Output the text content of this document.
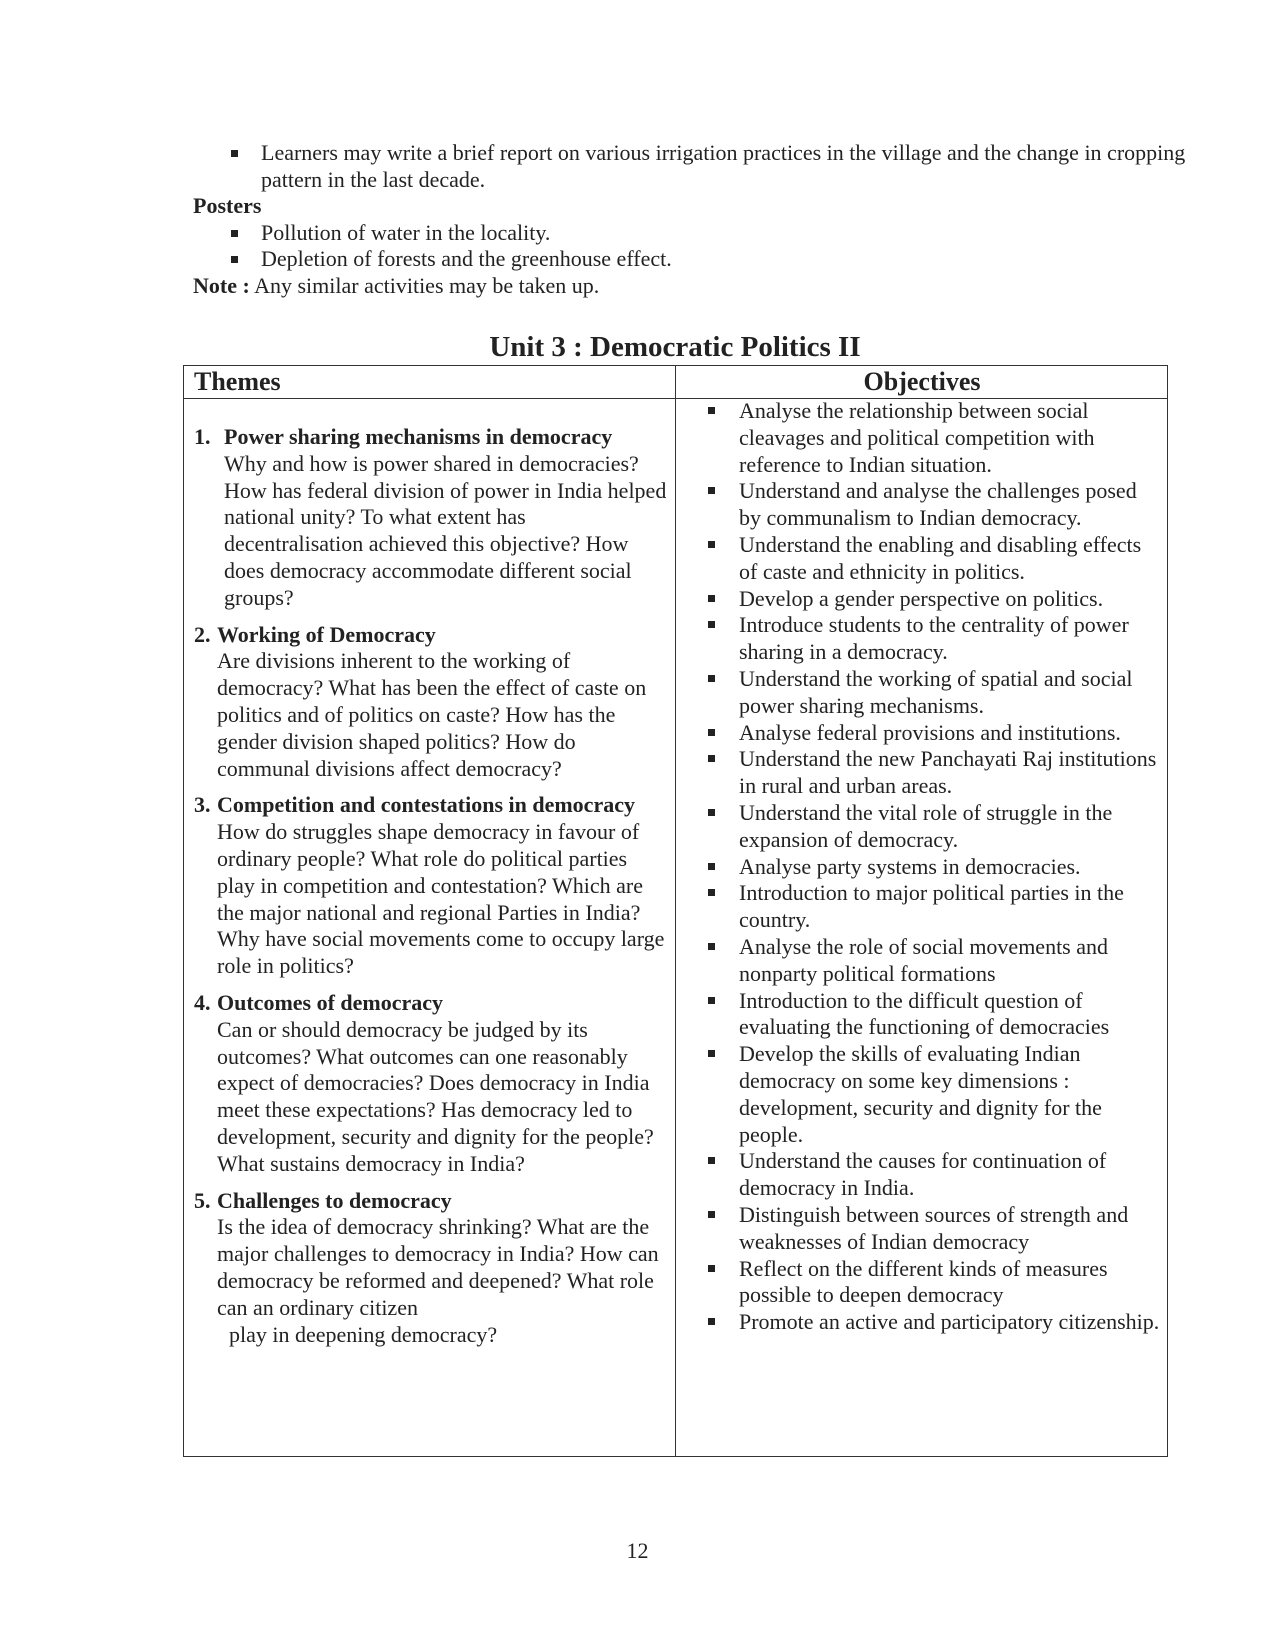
Learners may write a brief report on various irrigation practices in the village and the change in cropping pattern in the last decade.
Posters
Pollution of water in the locality.
Depletion of forests and the greenhouse effect.
Note : Any similar activities may be taken up.
Unit 3 : Democratic Politics II
Themes	Objectives
1. Power sharing mechanisms in democracy
Why and how is power shared in democracies? How has federal division of power in India helped national unity? To what extent has decentralisation achieved this objective? How does democracy accommodate different social groups?
2. Working of Democracy
Are divisions inherent to the working of democracy? What has been the effect of caste on politics and of politics on caste? How has the gender division shaped politics? How do communal divisions affect democracy?
3. Competition and contestations in democracy
How do struggles shape democracy in favour of ordinary people? What role do political parties play in competition and contestation? Which are the major national and regional Parties in India? Why have social movements come to occupy large role in politics?
4. Outcomes of democracy
Can or should democracy be judged by its outcomes? What outcomes can one reasonably expect of democracies? Does democracy in India meet these expectations? Has democracy led to development, security and dignity for the people? What sustains democracy in India?
5. Challenges to democracy
Is the idea of democracy shrinking? What are the major challenges to democracy in India? How can democracy be reformed and deepened? What role can an ordinary citizen
play in deepening democracy?
Analyse the relationship between social cleavages and political competition with reference to Indian situation.
Understand and analyse the challenges posed by communalism to Indian democracy.
Understand the enabling and disabling effects of caste and ethnicity in politics.
Develop a gender perspective on politics.
Introduce students to the centrality of power sharing in a democracy.
Understand the working of spatial and social power sharing mechanisms.
Analyse federal provisions and institutions.
Understand the new Panchayati Raj institutions in rural and urban areas.
Understand the vital role of struggle in the expansion of democracy.
Analyse party systems in democracies.
Introduction to major political parties in the country.
Analyse the role of social movements and nonparty political formations
Introduction to the difficult question of evaluating the functioning of democracies
Develop the skills of evaluating Indian democracy on some key dimensions : development, security and dignity for the people.
Understand the causes for continuation of democracy in India.
Distinguish between sources of strength and weaknesses of Indian democracy
Reflect on the different kinds of measures possible to deepen democracy
Promote an active and participatory citizenship.
12
